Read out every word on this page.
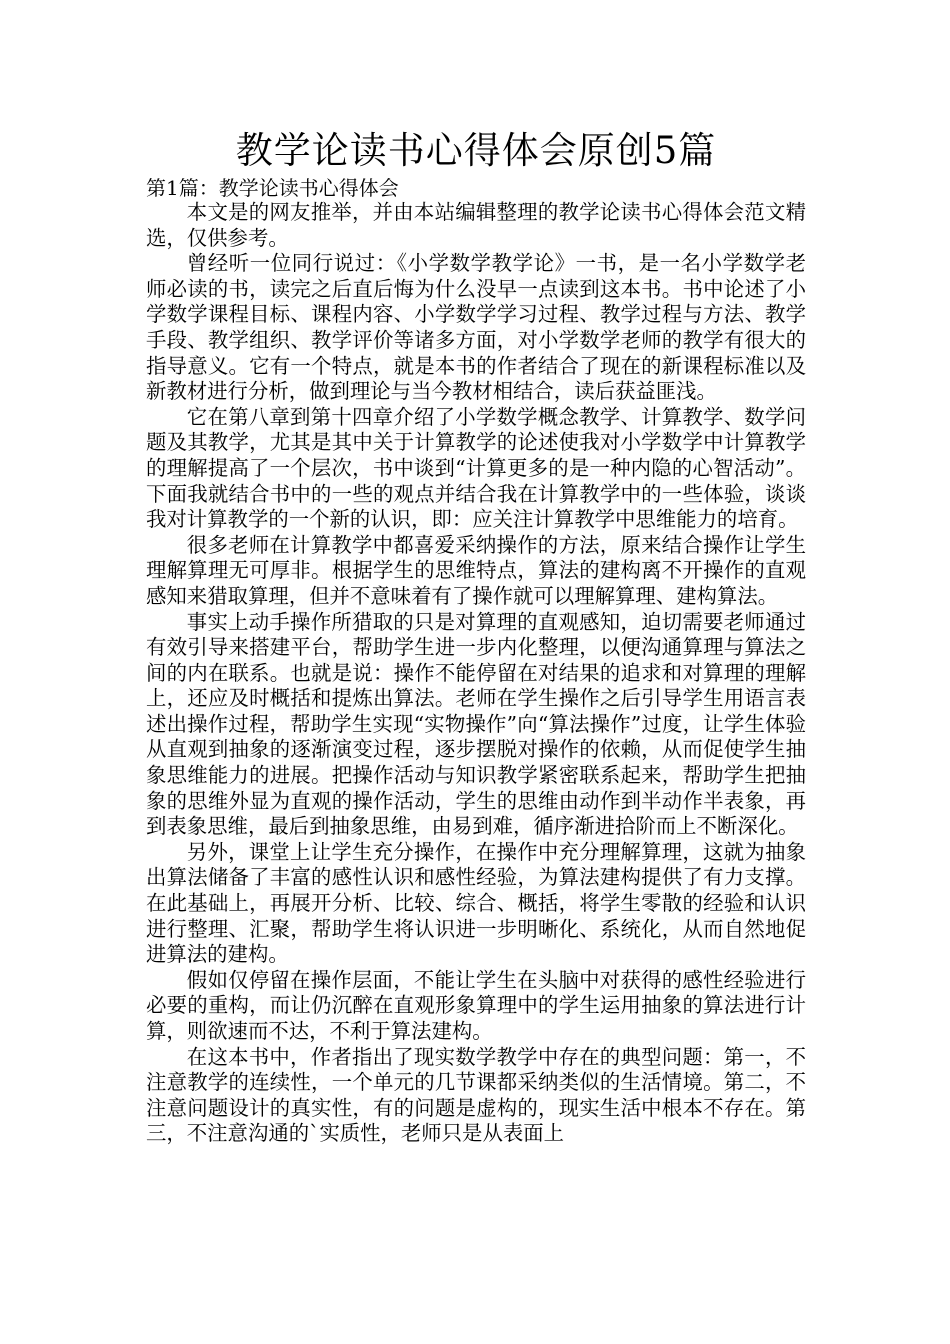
教学论读书心得体会原创5篇

第1篇：教学论读书心得体会

本文是的网友推举，并由本站编辑整理的教学论读书心得体会范文精选，仅供参考。

曾经听一位同行说过：《小学数学教学论》一书，是一名小学数学老师必读的书，读完之后直后悔为什么没早一点读到这本书。书中论述了小学数学课程目标、课程内容、小学数学学习过程、教学过程与方法、教学手段、教学组织、教学评价等诸多方面，对小学数学老师的教学有很大的指导意义。它有一个特点，就是本书的作者结合了现在的新课程标准以及新教材进行分析，做到理论与当今教材相结合，读后获益匪浅。

它在第八章到第十四章介绍了小学数学概念教学、计算教学、数学问题及其教学，尤其是其中关于计算教学的论述使我对小学数学中计算教学的理解提高了一个层次，书中谈到“计算更多的是一种内隐的心智活动”。下面我就结合书中的一些的观点并结合我在计算教学中的一些体验，谈谈我对计算教学的一个新的认识，即：应关注计算教学中思维能力的培育。

很多老师在计算教学中都喜爱采纳操作的方法，原来结合操作让学生理解算理无可厚非。根据学生的思维特点，算法的建构离不开操作的直观感知来猎取算理，但并不意味着有了操作就可以理解算理、建构算法。

事实上动手操作所猎取的只是对算理的直观感知，迫切需要老师通过有效引导来搭建平台，帮助学生进一步内化整理，以便沟通算理与算法之间的内在联系。也就是说：操作不能停留在对结果的追求和对算理的理解上，还应及时概括和提炼出算法。老师在学生操作之后引导学生用语言表述出操作过程，帮助学生实现“实物操作”向“算法操作”过度，让学生体验从直观到抽象的逐渐演变过程，逐步摆脱对操作的依赖，从而促使学生抽象思维能力的进展。把操作活动与知识教学紧密联系起来，帮助学生把抽象的思维外显为直观的操作活动，学生的思维由动作到半动作半表象，再到表象思维，最后到抽象思维，由易到难，循序渐进拾阶而上不断深化。

另外，课堂上让学生充分操作，在操作中充分理解算理，这就为抽象出算法储备了丰富的感性认识和感性经验，为算法建构提供了有力支撑。在此基础上，再展开分析、比较、综合、概括，将学生零散的经验和认识进行整理、汇聚，帮助学生将认识进一步明晰化、系统化，从而自然地促进算法的建构。

假如仅停留在操作层面，不能让学生在头脑中对获得的感性经验进行必要的重构，而让仍沉醉在直观形象算理中的学生运用抽象的算法进行计算，则欲速而不达，不利于算法建构。

在这本书中，作者指出了现实数学教学中存在的典型问题：第一，不注意教学的连续性，一个单元的几节课都采纳类似的生活情境。第二，不注意问题设计的真实性，有的问题是虚构的，现实生活中根本不存在。第三，不注意沟通的`实质性，老师只是从表面上
